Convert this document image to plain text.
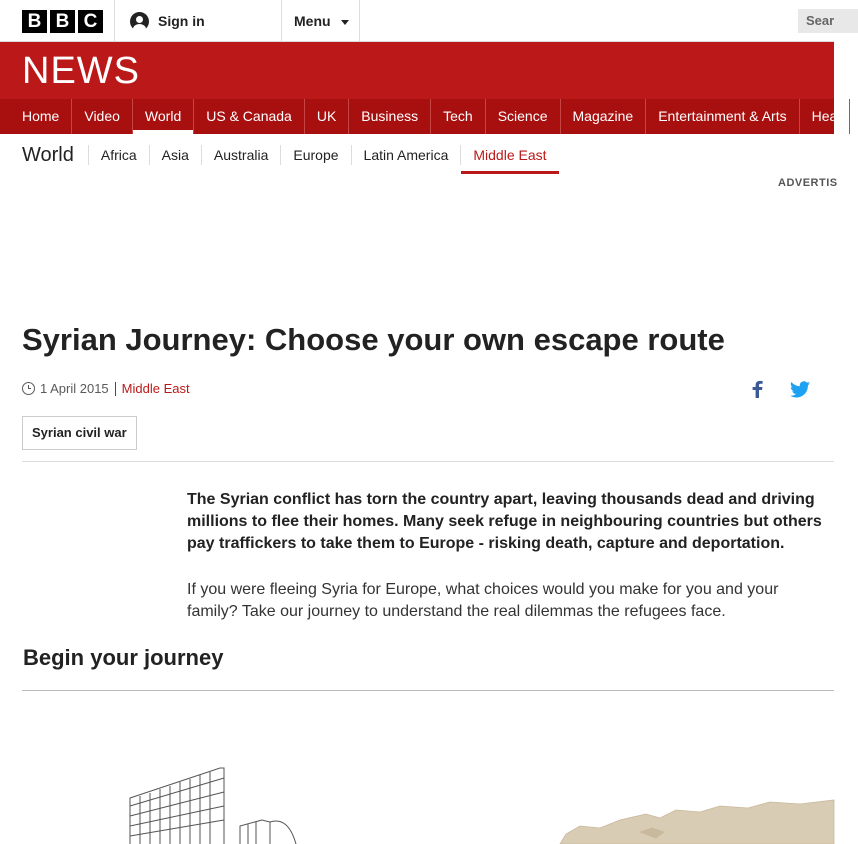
B B C	Sign in	Menu	Sear
NEWS
Home	Video	World	US & Canada	UK	Business	Tech	Science	Magazine	Entertainment & Arts	Hea
World	Africa	Asia	Australia	Europe	Latin America	Middle East
ADVERTIS
Syrian Journey: Choose your own escape route
1 April 2015 Middle East
Syrian civil war

The Syrian conflict has torn the country apart, leaving thousands dead and driving millions to flee their homes. Many seek refuge in neighbouring countries but others pay traffickers to take them to Europe - risking death, capture and deportation.

If you were fleeing Syria for Europe, what choices would you make for you and your family? Take our journey to understand the real dilemmas the refugees face.

Begin your journey
